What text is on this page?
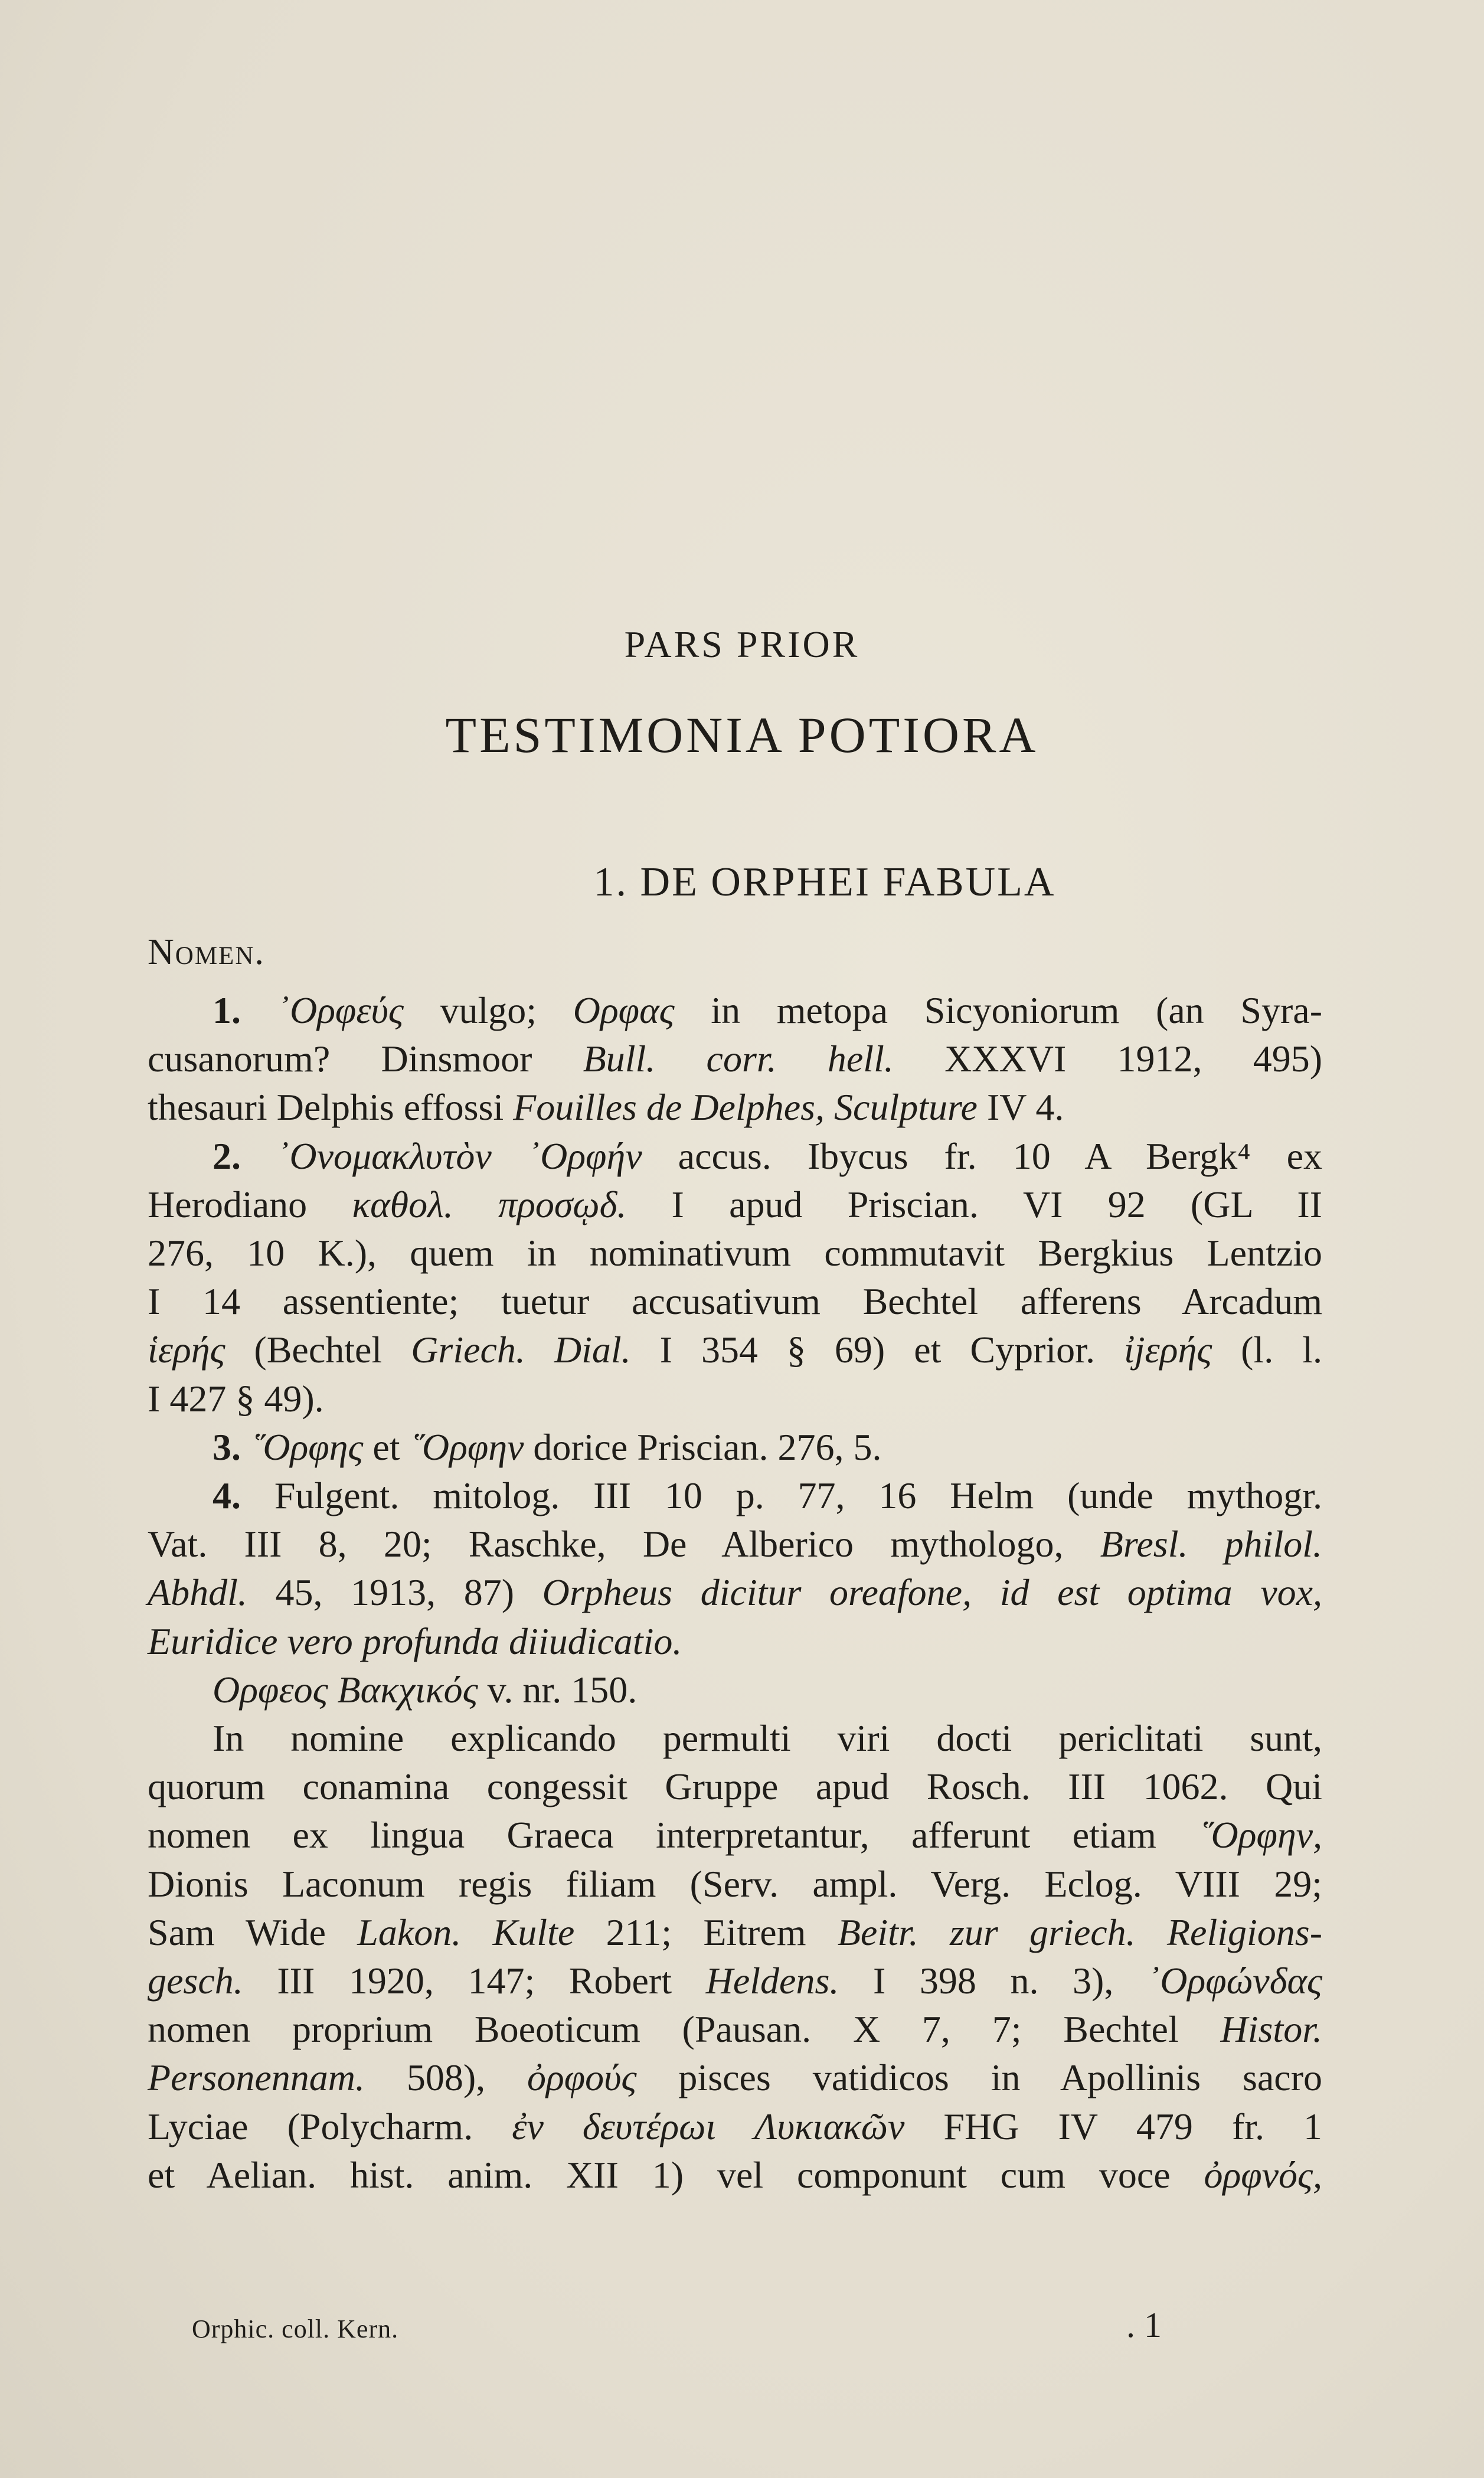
PARS PRIOR
TESTIMONIA POTIORA
1. DE ORPHEI FABULA
Nomen.
1. ᾿Ορφεύς vulgo; Ορφας in metopa Sicyoniorum (an Syra-
cusanorum? Dinsmoor Bull. corr. hell. XXXVI 1912, 495)
thesauri Delphis effossi Fouilles de Delphes, Sculpture IV 4.
2. ᾿Ονομακλυτὸν ᾿Ορφήν accus. Ibycus fr. 10 A Bergk⁴ ex
Herodiano καθολ. προσῳδ. I apud Priscian. VI 92 (GL II
276, 10 K.), quem in nominativum commutavit Bergkius Lentzio
I 14 assentiente; tuetur accusativum Bechtel afferens Arcadum
ἱερής (Bechtel Griech. Dial. I 354 § 69) et Cyprior. ἰjερής (l. l.
I 427 § 49).
3. ῞Ορφης et ῞Ορφην dorice Priscian. 276, 5.
4. Fulgent. mitolog. III 10 p. 77, 16 Helm (unde mythogr.
Vat. III 8, 20; Raschke, De Alberico mythologo, Bresl. philol.
Abhdl. 45, 1913, 87) Orpheus dicitur oreafone, id est optima vox,
Euridice vero profunda diiudicatio.
Ορφεος Βακχικός v. nr. 150.
In nomine explicando permulti viri docti periclitati sunt,
quorum conamina congessit Gruppe apud Rosch. III 1062. Qui
nomen ex lingua Graeca interpretantur, afferunt etiam ῞Ορφην,
Dionis Laconum regis filiam (Serv. ampl. Verg. Eclog. VIII 29;
Sam Wide Lakon. Kulte 211; Eitrem Beitr. zur griech. Religions-
gesch. III 1920, 147; Robert Heldens. I 398 n. 3), ᾿Ορφώνδας
nomen proprium Boeoticum (Pausan. X 7, 7; Bechtel Histor.
Personennam. 508), ὀρφούς pisces vatidicos in Apollinis sacro
Lyciae (Polycharm. ἐν δευτέρωι Λυκιακῶν FHG IV 479 fr. 1
et Aelian. hist. anim. XII 1) vel componunt cum voce ὀρφνός,
Orphic. coll. Kern.	. 1
